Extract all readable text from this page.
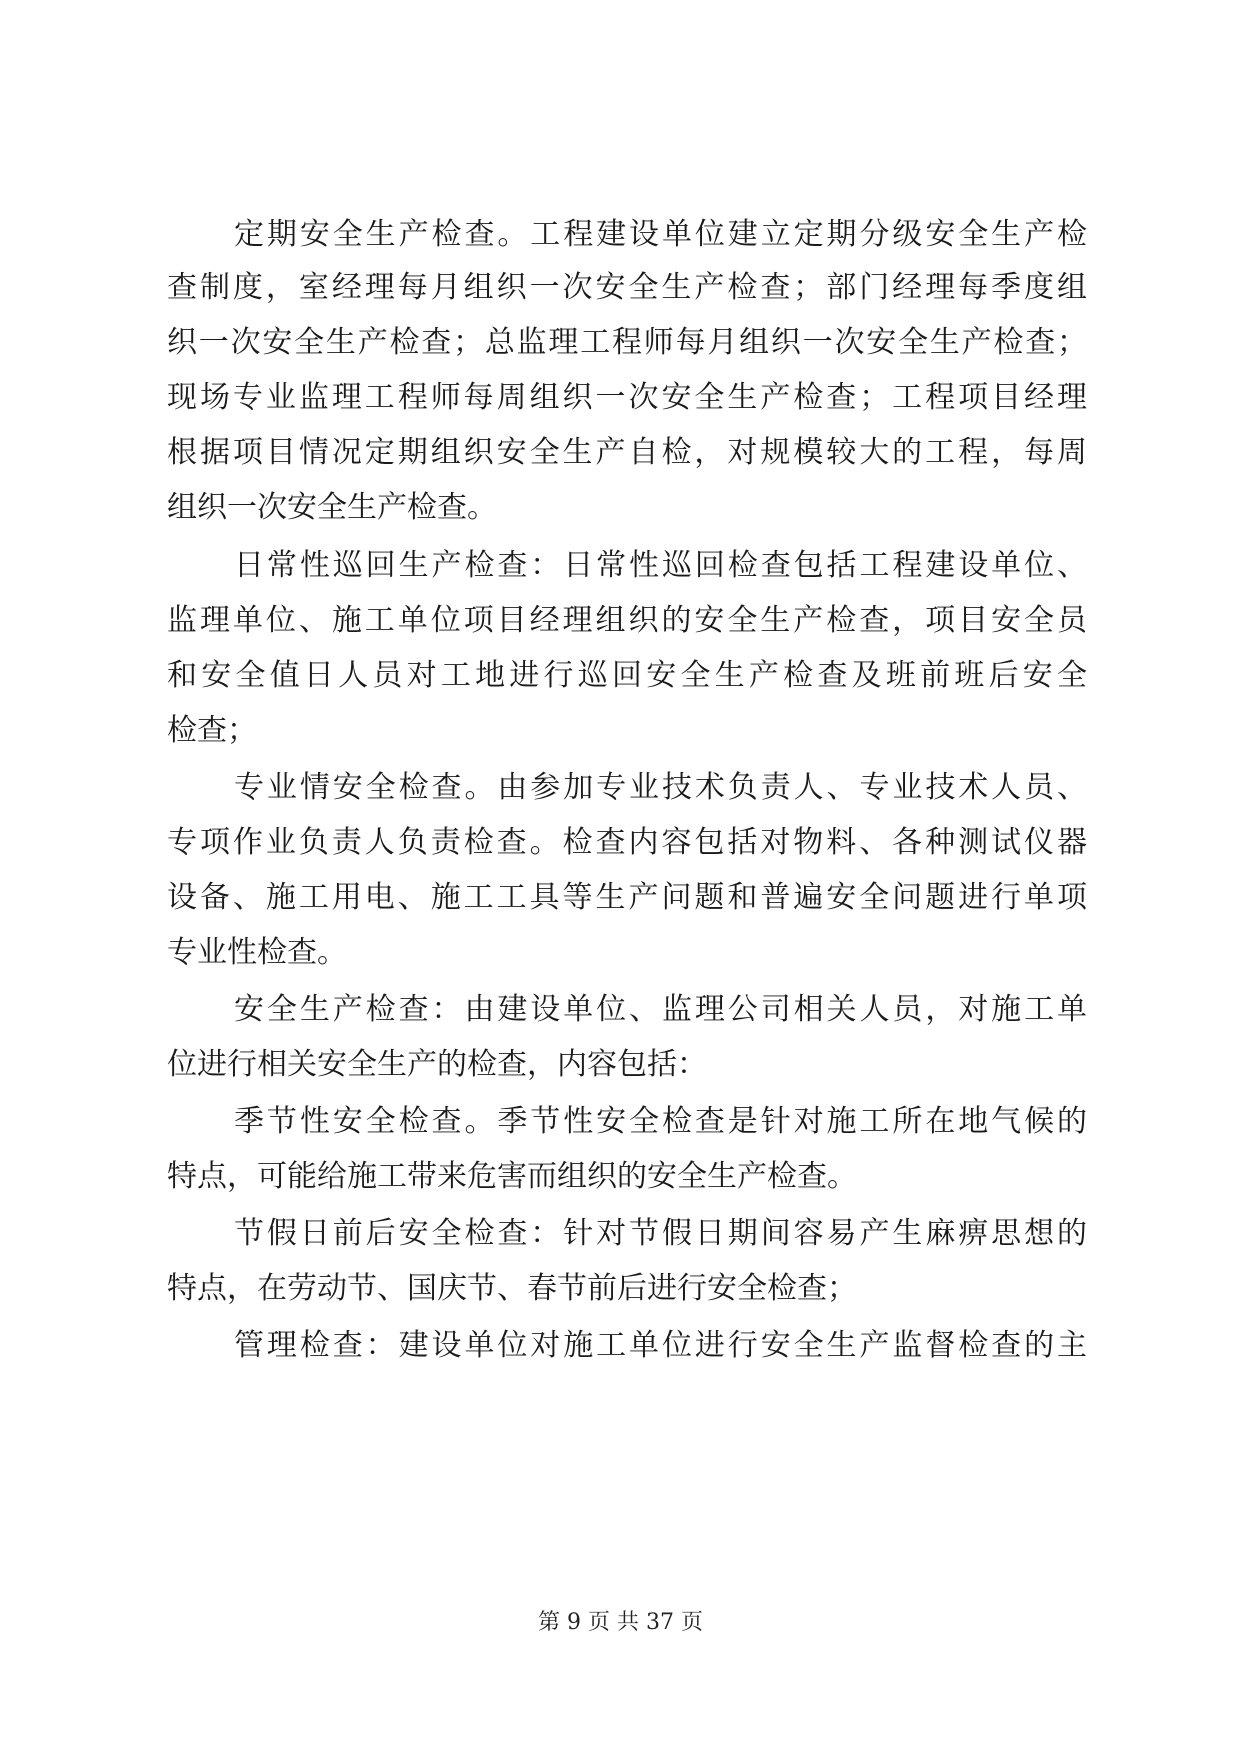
定期安全生产检查。工程建设单位建立定期分级安全生产检
查制度，室经理每月组织一次安全生产检查；部门经理每季度组
织一次安全生产检查；总监理工程师每月组织一次安全生产检查；
现场专业监理工程师每周组织一次安全生产检查；工程项目经理
根据项目情况定期组织安全生产自检，对规模较大的工程，每周
组织一次安全生产检查。
日常性巡回生产检查：日常性巡回检查包括工程建设单位、
监理单位、施工单位项目经理组织的安全生产检查，项目安全员
和安全值日人员对工地进行巡回安全生产检查及班前班后安全
检查；
专业情安全检查。由参加专业技术负责人、专业技术人员、
专项作业负责人负责检查。检查内容包括对物料、各种测试仪器
设备、施工用电、施工工具等生产问题和普遍安全问题进行单项
专业性检查。
安全生产检查：由建设单位、监理公司相关人员，对施工单
位进行相关安全生产的检查，内容包括：
季节性安全检查。季节性安全检查是针对施工所在地气候的
特点，可能给施工带来危害而组织的安全生产检查。
节假日前后安全检查：针对节假日期间容易产生麻痹思想的
特点，在劳动节、国庆节、春节前后进行安全检查；
管理检查：建设单位对施工单位进行安全生产监督检查的主
第 9 页 共 37 页
